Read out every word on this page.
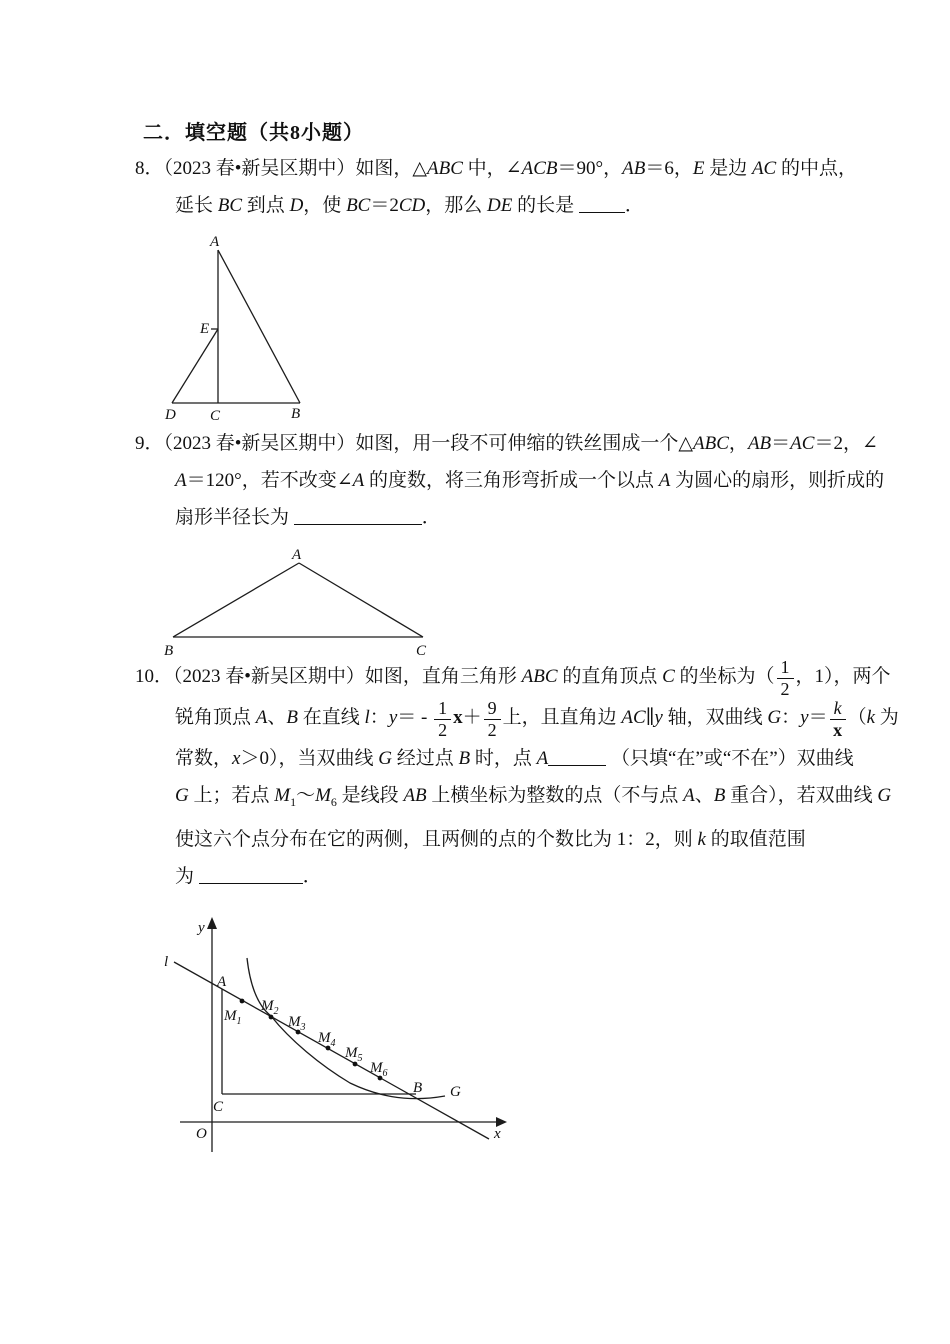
二．填空题（共8小题）
8．（2023 春•新吴区期中）如图，△ABC 中，∠ACB＝90°，AB＝6，E 是边 AC 的中点，
延长 BC 到点 D，使 BC＝2CD，那么 DE 的长是 ．
A
E
D C	B
9．（2023 春•新吴区期中）如图，用一段不可伸缩的铁丝围成一个△ABC，AB＝AC＝2，∠
A＝120°，若不改变∠A 的度数，将三角形弯折成一个以点 A 为圆心的扇形，则折成的
扇形半径长为	．
A
B	C
10．（2023 春•新吴区期中）如图，直角三角形 ABC 的直角顶点 C 的坐标为（ $\frac{1}{2}$ ，1），两个
锐角顶点 A、B 在直线 l：$y= - \frac{1}{2} x+ \frac{9}{2}$ 上，且直角边 AC∥y 轴，双曲线 G：$y= \frac{k}{x} (k$ 为
常数，x＞0），当双曲线 G 经过点 B 时，点 A	（只填“在”或“不在”）双曲线
G 上；若点 $M_1\sim M_6$ 是线段 AB 上横坐标为整数的点（不与点 A、B 重合），若双曲线 G
使这六个点分布在它的两侧，且两侧的点的个数比为 1：2，则 k 的取值范围
为	．
y
x
O
l
A
B
C
G
$M_1$
$M_2$
$M_3$
$M_4$
$M_5$
$M_6$
